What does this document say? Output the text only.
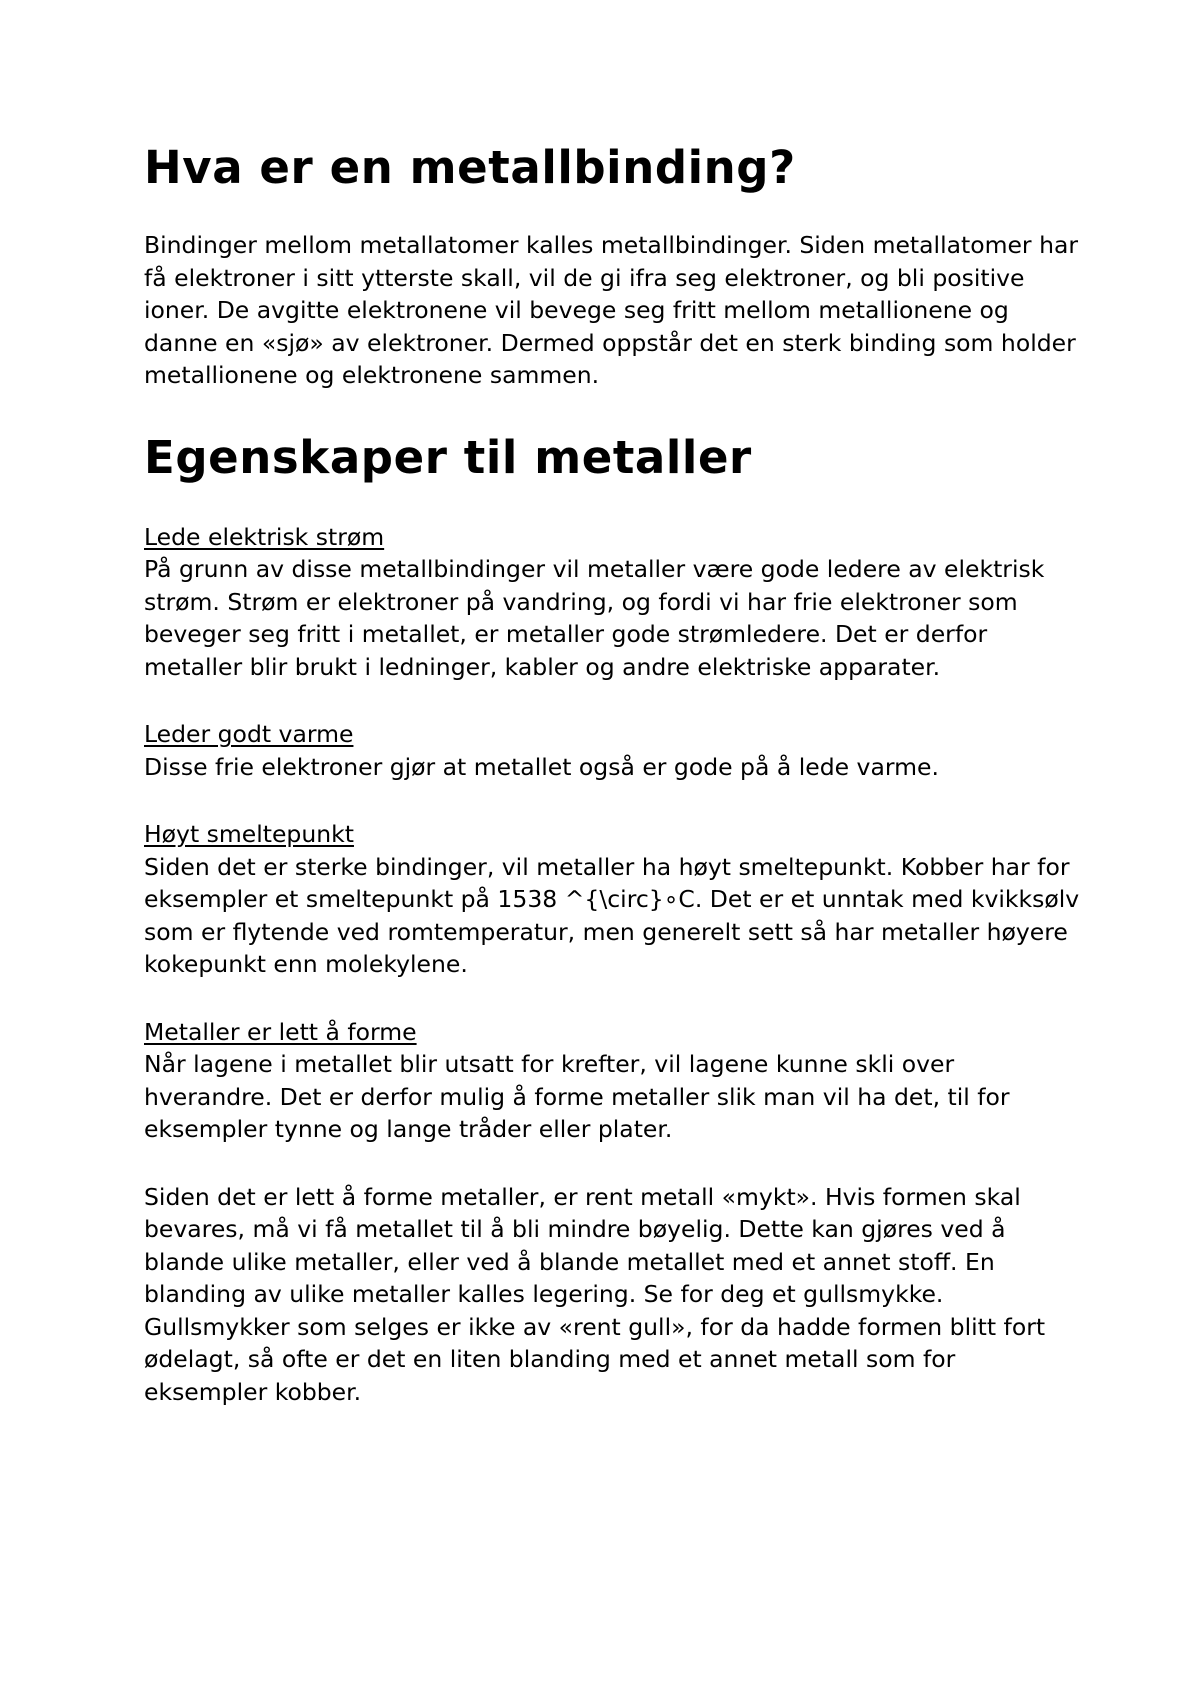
Hva er en metallbinding?

Bindinger mellom metallatomer kalles metallbindinger. Siden metallatomer har få elektroner i sitt ytterste skall, vil de gi ifra seg elektroner, og bli positive ioner. De avgitte elektronene vil bevege seg fritt mellom metallionene og danne en «sjø» av elektroner. Dermed oppstår det en sterk binding som holder metallionene og elektronene sammen.

Egenskaper til metaller
Lede elektrisk strøm

På grunn av disse metallbindinger vil metaller være gode ledere av elektrisk strøm. Strøm er elektroner på vandring, og fordi vi har frie elektroner som beveger seg fritt i metallet, er metaller gode strømledere. Det er derfor metaller blir brukt i ledninger, kabler og andre elektriske apparater.

Leder godt varme

Disse frie elektroner gjør at metallet også er gode på å lede varme.

Høyt smeltepunkt

Siden det er sterke bindinger, vil metaller ha høyt smeltepunkt. Kobber har for eksempler et smeltepunkt på 1538 ^{\circ}∘C. Det er et unntak med kvikksølv som er flytende ved romtemperatur, men generelt sett så har metaller høyere kokepunkt enn molekylene.

Metaller er lett å forme

Når lagene i metallet blir utsatt for krefter, vil lagene kunne skli over hverandre. Det er derfor mulig å forme metaller slik man vil ha det, til for eksempler tynne og lange tråder eller plater.

Siden det er lett å forme metaller, er rent metall «mykt». Hvis formen skal bevares, må vi få metallet til å bli mindre bøyelig. Dette kan gjøres ved å blande ulike metaller, eller ved å blande metallet med et annet stoff. En blanding av ulike metaller kalles legering. Se for deg et gullsmykke. Gullsmykker som selges er ikke av «rent gull», for da hadde formen blitt fort ødelagt, så ofte er det en liten blanding med et annet metall som for eksempler kobber.
